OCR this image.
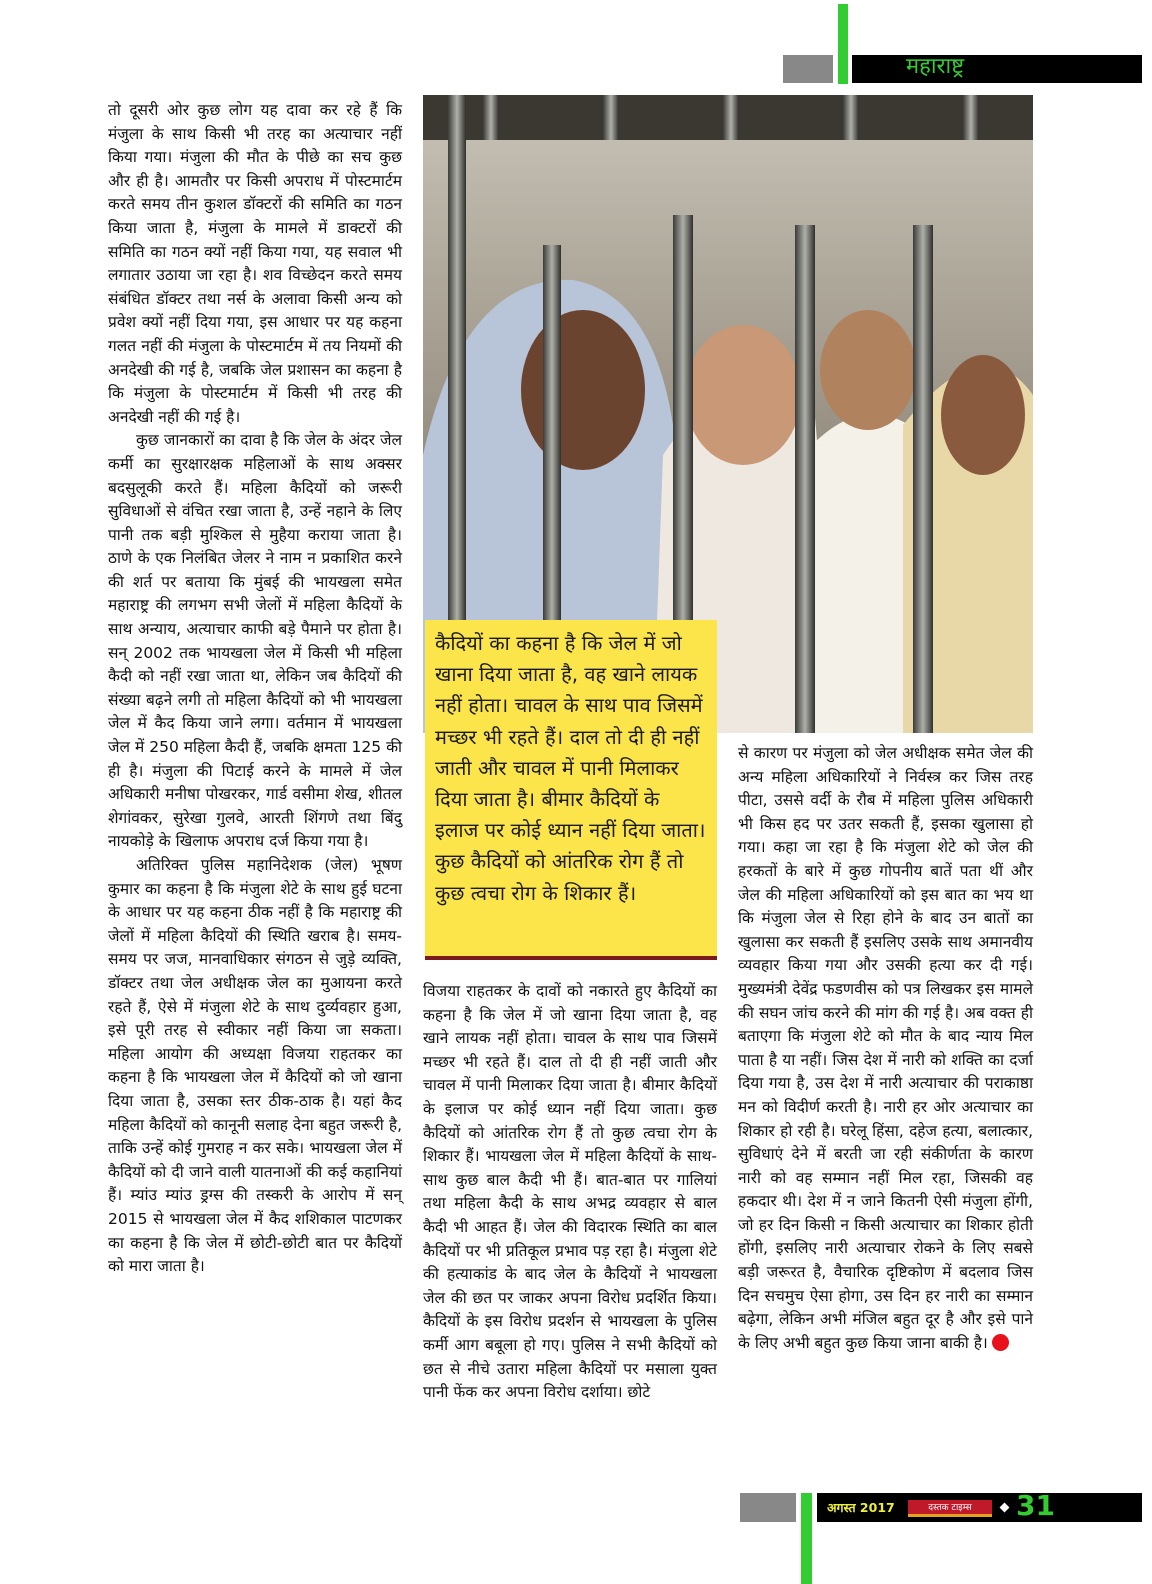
महाराष्ट्र

तो दूसरी ओर कुछ लोग यह दावा कर रहे हैं कि मंजुला के साथ किसी भी तरह का अत्याचार नहीं किया गया। मंजुला की मौत के पीछे का सच कुछ और ही है। आमतौर पर किसी अपराध में पोस्टमार्टम करते समय तीन कुशल डॉक्टरों की समिति का गठन किया जाता है, मंजुला के मामले में डाक्टरों की समिति का गठन क्यों नहीं किया गया, यह सवाल भी लगातार उठाया जा रहा है। शव विच्छेदन करते समय संबंधित डॉक्टर तथा नर्स के अलावा किसी अन्य को प्रवेश क्यों नहीं दिया गया, इस आधार पर यह कहना गलत नहीं की मंजुला के पोस्टमार्टम में तय नियमों की अनदेखी की गई है, जबकि जेल प्रशासन का कहना है कि मंजुला के पोस्टमार्टम में किसी भी तरह की अनदेखी नहीं की गई है।

कुछ जानकारों का दावा है कि जेल के अंदर जेल कर्मी का सुरक्षारक्षक महिलाओं के साथ अक्सर बदसुलूकी करते हैं। महिला कैदियों को जरूरी सुविधाओं से वंचित रखा जाता है, उन्हें नहाने के लिए पानी तक बड़ी मुश्किल से मुहैया कराया जाता है। ठाणे के एक निलंबित जेलर ने नाम न प्रकाशित करने की शर्त पर बताया कि मुंबई की भायखला समेत महाराष्ट्र की लगभग सभी जेलों में महिला कैदियों के साथ अन्याय, अत्याचार काफी बड़े पैमाने पर होता है। सन् 2002 तक भायखला जेल में किसी भी महिला कैदी को नहीं रखा जाता था, लेकिन जब कैदियों की संख्या बढ़ने लगी तो महिला कैदियों को भी भायखला जेल में कैद किया जाने लगा। वर्तमान में भायखला जेल में 250 महिला कैदी हैं, जबकि क्षमता 125 की ही है। मंजुला की पिटाई करने के मामले में जेल अधिकारी मनीषा पोखरकर, गार्ड वसीमा शेख, शीतल शेगांवकर, सुरेखा गुलवे, आरती शिंगणे तथा बिंदु नायकोड़े के खिलाफ अपराध दर्ज किया गया है।

अतिरिक्त पुलिस महानिदेशक (जेल) भूषण कुमार का कहना है कि मंजुला शेटे के साथ हुई घटना के आधार पर यह कहना ठीक नहीं है कि महाराष्ट्र की जेलों में महिला कैदियों की स्थिति खराब है। समय-समय पर जज, मानवाधिकार संगठन से जुड़े व्यक्ति, डॉक्टर तथा जेल अधीक्षक जेल का मुआयना करते रहते हैं, ऐसे में मंजुला शेटे के साथ दुर्व्यवहार हुआ, इसे पूरी तरह से स्वीकार नहीं किया जा सकता। महिला आयोग की अध्यक्षा विजया राहतकर का कहना है कि भायखला जेल में कैदियों को जो खाना दिया जाता है, उसका स्तर ठीक-ठाक है। यहां कैद महिला कैदियों को कानूनी सलाह देना बहुत जरूरी है, ताकि उन्हें कोई गुमराह न कर सके। भायखला जेल में कैदियों को दी जाने वाली यातनाओं की कई कहानियां हैं। म्यांउ म्यांउ ड्रग्स की तस्करी के आरोप में सन् 2015 से भायखला जेल में कैद शशिकाल पाटणकर का कहना है कि जेल में छोटी-छोटी बात पर कैदियों को मारा जाता है।

कैदियों का कहना है कि जेल में जो खाना दिया जाता है, वह खाने लायक नहीं होता। चावल के साथ पाव जिसमें मच्छर भी रहते हैं। दाल तो दी ही नहीं जाती और चावल में पानी मिलाकर दिया जाता है। बीमार कैदियों के इलाज पर कोई ध्यान नहीं दिया जाता। कुछ कैदियों को आंतरिक रोग हैं तो कुछ त्वचा रोग के शिकार हैं।

विजया राहतकर के दावों को नकारते हुए कैदियों का कहना है कि जेल में जो खाना दिया जाता है, वह खाने लायक नहीं होता। चावल के साथ पाव जिसमें मच्छर भी रहते हैं। दाल तो दी ही नहीं जाती और चावल में पानी मिलाकर दिया जाता है। बीमार कैदियों के इलाज पर कोई ध्यान नहीं दिया जाता। कुछ कैदियों को आंतरिक रोग हैं तो कुछ त्वचा रोग के शिकार हैं। भायखला जेल में महिला कैदियों के साथ-साथ कुछ बाल कैदी भी हैं। बात-बात पर गालियां तथा महिला कैदी के साथ अभद्र व्यवहार से बाल कैदी भी आहत हैं। जेल की विदारक स्थिति का बाल कैदियों पर भी प्रतिकूल प्रभाव पड़ रहा है। मंजुला शेटे की हत्याकांड के बाद जेल के कैदियों ने भायखला जेल की छत पर जाकर अपना विरोध प्रदर्शित किया। कैदियों के इस विरोध प्रदर्शन से भायखला के पुलिस कर्मी आग बबूला हो गए। पुलिस ने सभी कैदियों को छत से नीचे उतारा महिला कैदियों पर मसाला युक्त पानी फेंक कर अपना विरोध दर्शाया। छोटे

से कारण पर मंजुला को जेल अधीक्षक समेत जेल की अन्य महिला अधिकारियों ने निर्वस्त्र कर जिस तरह पीटा, उससे वर्दी के रौब में महिला पुलिस अधिकारी भी किस हद पर उतर सकती हैं, इसका खुलासा हो गया। कहा जा रहा है कि मंजुला शेटे को जेल की हरकतों के बारे में कुछ गोपनीय बातें पता थीं और जेल की महिला अधिकारियों को इस बात का भय था कि मंजुला जेल से रिहा होने के बाद उन बातों का खुलासा कर सकती हैं इसलिए उसके साथ अमानवीय व्यवहार किया गया और उसकी हत्या कर दी गई। मुख्यमंत्री देवेंद्र फडणवीस को पत्र लिखकर इस मामले की सघन जांच करने की मांग की गई है। अब वक्त ही बताएगा कि मंजुला शेटे को मौत के बाद न्याय मिल पाता है या नहीं। जिस देश में नारी को शक्ति का दर्जा दिया गया है, उस देश में नारी अत्याचार की पराकाष्ठा मन को विदीर्ण करती है। नारी हर ओर अत्याचार का शिकार हो रही है। घरेलू हिंसा, दहेज हत्या, बलात्कार, सुविधाएं देने में बरती जा रही संकीर्णता के कारण नारी को वह सम्मान नहीं मिल रहा, जिसकी वह हकदार थी। देश में न जाने कितनी ऐसी मंजुला होंगी, जो हर दिन किसी न किसी अत्याचार का शिकार होती होंगी, इसलिए नारी अत्याचार रोकने के लिए सबसे बड़ी जरूरत है, वैचारिक दृष्टिकोण में बदलाव जिस दिन सचमुच ऐसा होगा, उस दिन हर नारी का सम्मान बढ़ेगा, लेकिन अभी मंजिल बहुत दूर है और इसे पाने के लिए अभी बहुत कुछ किया जाना बाकी है।

अगस्त 2017	दस्तक टाइम्स	31
